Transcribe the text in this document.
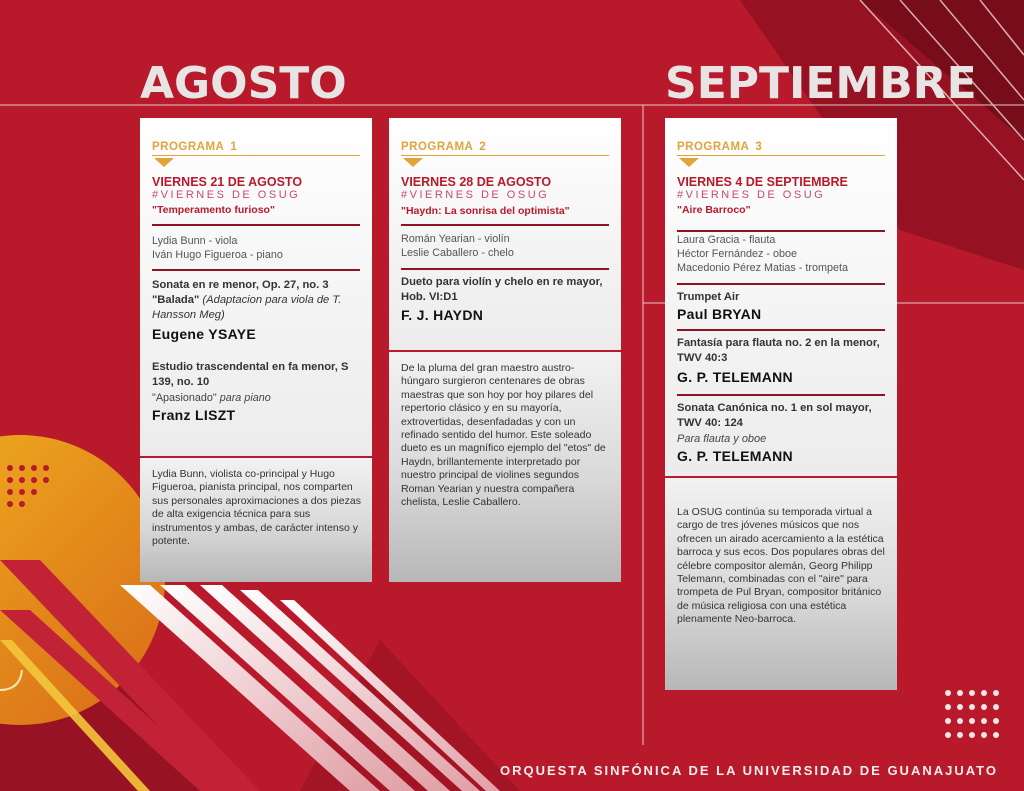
AGOSTO	SEPTIEMBRE
PROGRAMA 1
VIERNES 21 DE AGOSTO
#VIERNES DE OSUG
"Temperamento furioso"
Lydia Bunn - viola
Iván Hugo Figueroa - piano
Sonata en re menor, Op. 27, no. 3
"Balada" (Adaptacion para viola de T. Hansson Meg)
Eugene YSAYE
Estudio trascendental en fa menor, S 139, no. 10
"Apasionado" para piano
Franz LISZT
Lydia Bunn, violista co-principal y Hugo Figueroa, pianista principal, nos comparten sus personales aproximaciones a dos piezas de alta exigencia técnica para sus instrumentos y ambas, de carácter intenso y potente.
PROGRAMA 2
VIERNES 28 DE AGOSTO
"Haydn: La sonrisa del optimista"
#VIERNES DE OSUG
Román Yearian - violín
Leslie Caballero - chelo
Dueto para violín y chelo en re mayor, Hob. VI:D1
F. J. HAYDN
De la pluma del gran maestro austro-húngaro surgieron centenares de obras maestras que son hoy por hoy pilares del repertorio clásico y en su mayoría, extrovertidas, desenfadadas y con un refinado sentido del humor. Este soleado dueto es un magnífico ejemplo del "etos" de Haydn, brillantemente interpretado por nuestro principal de violines segundos Roman Yearian y nuestra compañera chelista, Leslie Caballero.
PROGRAMA 3
VIERNES 4 DE SEPTIEMBRE
#VIERNES DE OSUG
"Aire Barroco"
Laura Gracia - flauta
Héctor Fernández - oboe
Macedonio Pérez Matias - trompeta
Trumpet Air
Paul BRYAN
Fantasía para flauta no. 2 en la menor, TWV 40:3
G. P. TELEMANN
Sonata Canónica no. 1 en sol mayor, TWV 40: 124
Para flauta y oboe
G. P. TELEMANN
La OSUG continúa su temporada virtual a cargo de tres jóvenes músicos que nos ofrecen un airado acercamiento a la estética barroca y sus ecos. Dos populares obras del célebre compositor alemán, Georg Philipp Telemann, combinadas con el "aire" para trompeta de Pul Bryan, compositor británico de música religiosa con una estética plenamente Neo-barroca.
ORQUESTA SINFÓNICA DE LA UNIVERSIDAD DE GUANAJUATO
